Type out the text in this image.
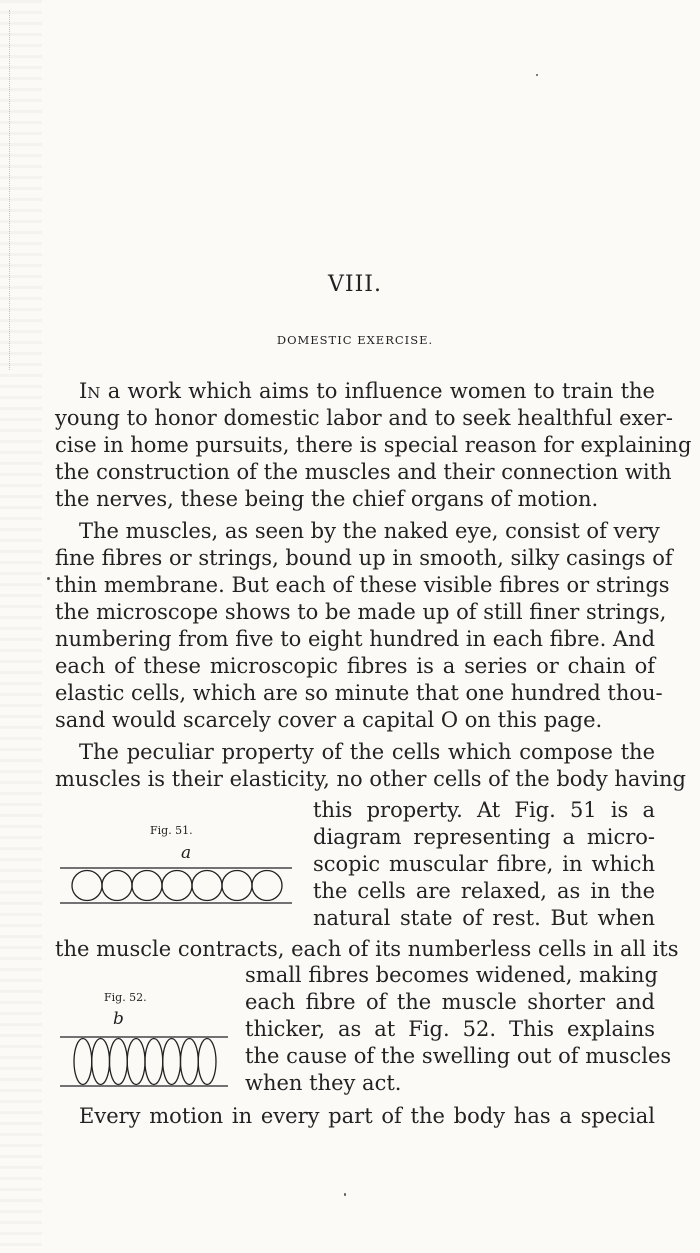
VIII.
DOMESTIC EXERCISE.
In a work which aims to influence women to train the
young to honor domestic labor and to seek healthful exer-
cise in home pursuits, there is special reason for explaining
the construction of the muscles and their connection with
the nerves, these being the chief organs of motion.
The muscles, as seen by the naked eye, consist of very
fine fibres or strings, bound up in smooth, silky casings of
thin membrane. But each of these visible fibres or strings
the microscope shows to be made up of still finer strings,
numbering from five to eight hundred in each fibre. And
each of these microscopic fibres is a series or chain of
elastic cells, which are so minute that one hundred thou-
sand would scarcely cover a capital O on this page.
The peculiar property of the cells which compose the
muscles is their elasticity, no other cells of the body having
this property. At Fig. 51 is a
diagram representing a micro-
scopic muscular fibre, in which
the cells are relaxed, as in the
natural state of rest. But when
the muscle contracts, each of its numberless cells in all its
small fibres becomes widened, making
each fibre of the muscle shorter and
thicker, as at Fig. 52. This explains
the cause of the swelling out of muscles
when they act.
Every motion in every part of the body has a special
Fig. 51.
a
Fig. 52.
b
